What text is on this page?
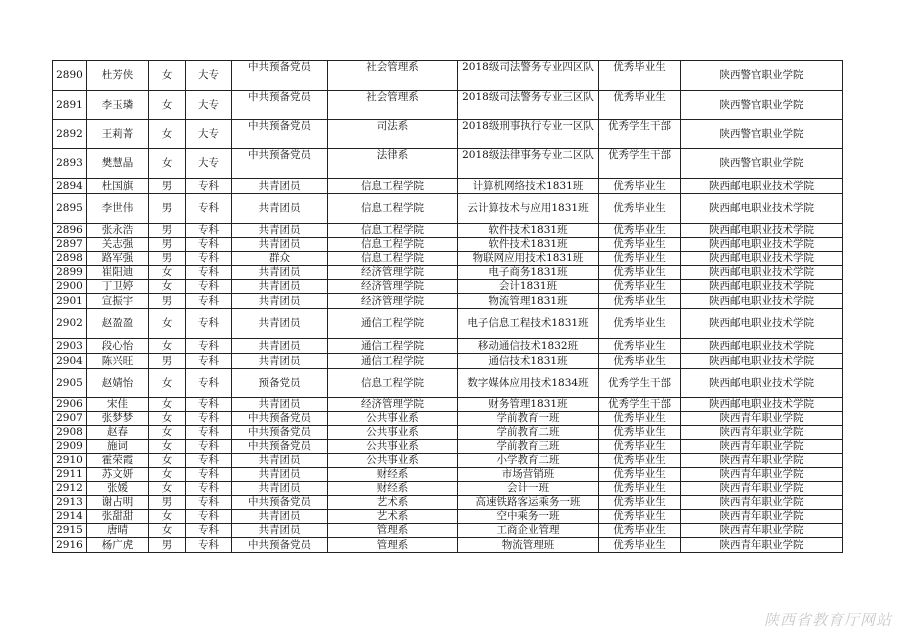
2890	杜芳侠	女	大专	中共预备党员	社会管理系	2018级司法警务专业四区队	优秀毕业生	陕西警官职业学院
2891	李玉璘	女	大专	中共预备党员	社会管理系	2018级司法警务专业三区队	优秀毕业生	陕西警官职业学院
2892	王莉菁	女	大专	中共预备党员	司法系	2018级刑事执行专业一区队	优秀学生干部	陕西警官职业学院
2893	樊慧晶	女	大专	中共预备党员	法律系	2018级法律事务专业二区队	优秀学生干部	陕西警官职业学院
2894	杜国旗	男	专科	共青团员	信息工程学院	计算机网络技术1831班	优秀毕业生	陕西邮电职业技术学院
2895	李世伟	男	专科	共青团员	信息工程学院	云计算技术与应用1831班	优秀毕业生	陕西邮电职业技术学院
2896	张永浩	男	专科	共青团员	信息工程学院	软件技术1831班	优秀毕业生	陕西邮电职业技术学院
2897	关志强	男	专科	共青团员	信息工程学院	软件技术1831班	优秀毕业生	陕西邮电职业技术学院
2898	路军强	男	专科	群众	信息工程学院	物联网应用技术1831班	优秀毕业生	陕西邮电职业技术学院
2899	崔阳迪	女	专科	共青团员	经济管理学院	电子商务1831班	优秀毕业生	陕西邮电职业技术学院
2900	丁卫婷	女	专科	共青团员	经济管理学院	会计1831班	优秀毕业生	陕西邮电职业技术学院
2901	宣振宇	男	专科	共青团员	经济管理学院	物流管理1831班	优秀毕业生	陕西邮电职业技术学院
2902	赵盈盈	女	专科	共青团员	通信工程学院	电子信息工程技术1831班	优秀毕业生	陕西邮电职业技术学院
2903	段心怡	女	专科	共青团员	通信工程学院	移动通信技术1832班	优秀毕业生	陕西邮电职业技术学院
2904	陈兴旺	男	专科	共青团员	通信工程学院	通信技术1831班	优秀毕业生	陕西邮电职业技术学院
2905	赵婧怡	女	专科	预备党员	信息工程学院	数字媒体应用技术1834班	优秀学生干部	陕西邮电职业技术学院
2906	宋佳	女	专科	共青团员	经济管理学院	财务管理1831班	优秀学生干部	陕西邮电职业技术学院
2907	张梦梦	女	专科	中共预备党员	公共事业系	学前教育一班	优秀毕业生	陕西青年职业学院
2908	赵春	女	专科	中共预备党员	公共事业系	学前教育二班	优秀毕业生	陕西青年职业学院
2909	施词	女	专科	中共预备党员	公共事业系	学前教育三班	优秀毕业生	陕西青年职业学院
2910	霍荣霞	女	专科	共青团员	公共事业系	小学教育二班	优秀毕业生	陕西青年职业学院
2911	苏文妍	女	专科	共青团员	财经系	市场营销班	优秀毕业生	陕西青年职业学院
2912	张媛	女	专科	共青团员	财经系	会计一班	优秀毕业生	陕西青年职业学院
2913	谢占明	男	专科	中共预备党员	艺术系	高速铁路客运乘务一班	优秀毕业生	陕西青年职业学院
2914	张甜甜	女	专科	共青团员	艺术系	空中乘务一班	优秀毕业生	陕西青年职业学院
2915	唐晴	女	专科	共青团员	管理系	工商企业管理	优秀毕业生	陕西青年职业学院
2916	杨广虎	男	专科	中共预备党员	管理系	物流管理班	优秀毕业生	陕西青年职业学院
陕西省教育厅网站
